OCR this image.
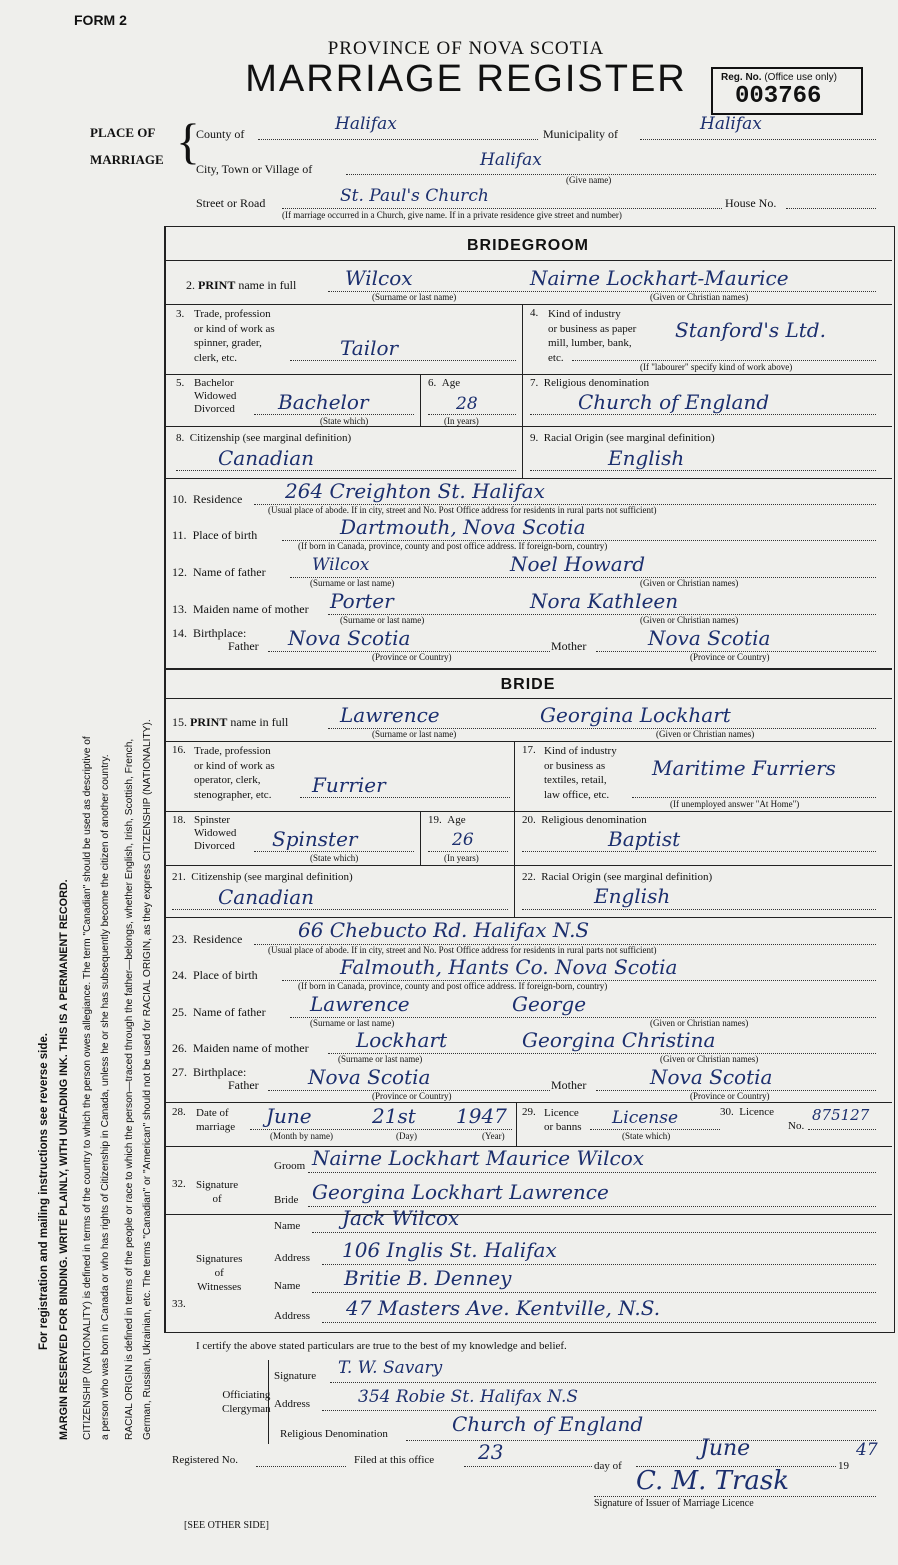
FORM 2
PROVINCE OF NOVA SCOTIA
MARRIAGE REGISTER	Reg. No. (Office use only)
003766
PLACE OF
MARRIAGE {
County of	Halifax	Municipality of	Halifax
City, Town or Village of	Halifax
(Give name)
Street or Road	St. Paul's Church	House No.
(If marriage occurred in a Church, give name. If in a private residence give street and number)
For registration and mailing instructions see reverse side. MARGIN RESERVED FOR BINDING. WRITE PLAINLY, WITH UNFADING INK. THIS IS A PERMANENT RECORD. CITIZENSHIP (NATIONALITY) is defined in terms of the country to which the person owes allegiance. The term "Canadian" should be used as descriptive of a person who was born in Canada or who has rights of Citizenship in Canada, unless he or she has subsequently become the citizen of another country. RACIAL ORIGIN is defined in terms of the people or race to which the person—traced through the father—belongs, whether English, Irish, Scottish, French, German, Russian, Ukrainian, etc. The terms "Canadian" or "American" should not be used for RACIAL ORIGIN, as they express CITIZENSHIP (NATIONALITY).
BRIDEGROOM
2. PRINT name in full Wilcox	Nairne Lockhart-Maurice
(Surname or last name)	(Given or Christian names)
3. Trade, profession
or kind of work as
spinner, grader,
clerk, etc.	Tailor
4. Kind of industry
or business as paper
mill, lumber, bank,
etc.
Stanford's Ltd.
(If "labourer" specify kind of work above)
5. Bachelor
Widowed
Divorced Bachelor
(State which)
6. Age
28
(In years)
7. Religious denomination
Church of England
8. Citizenship (see marginal definition)
Canadian
9. Racial Origin (see marginal definition)
English
10. Residence 264 Creighton St. Halifax
(Usual place of abode. If in city, street and No. Post Office address for residents in rural parts not sufficient)
11. Place of birth	Dartmouth, Nova Scotia
(If born in Canada, province, county and post office address. If foreign-born, country)
12. Name of father	Wilcox	Noel Howard
(Surname or last name)	(Given or Christian names)
13. Maiden name of mother Porter	Nora Kathleen
(Surname or last name)	(Given or Christian names)
14. Birthplace:
Father Nova Scotia
(Province or Country)
Mother	Nova Scotia
(Province or Country)
BRIDE
15. PRINT name in full	Lawrence	Georgina Lockhart
(Surname or last name)	(Given or Christian names)
16. Trade, profession
or kind of work as
operator, clerk,
stenographer, etc. Furrier
17. Kind of industry
or business as
textiles, retail,
law office, etc.
Maritime Furriers
(If unemployed answer "At Home")
18. Spinster
Widowed
Divorced Spinster
(State which)
19. Age
26
(In years)
20. Religious denomination
Baptist
21. Citizenship (see marginal definition)
Canadian
22. Racial Origin (see marginal definition)
English
23. Residence	66 Chebucto Rd. Halifax N.S
(Usual place of abode. If in city, street and No. Post Office address for residents in rural parts not sufficient)
24. Place of birth	Falmouth, Hants Co. Nova Scotia
(If born in Canada, province, county and post office address. If foreign-born, country)
25. Name of father Lawrence	George
(Surname or last name)	(Given or Christian names)
26. Maiden name of mother Lockhart	Georgina Christina
(Surname or last name)	(Given or Christian names)
27. Birthplace:
Father Nova Scotia
(Province or Country)
Mother	Nova Scotia
(Province or Country)
28. Date of
marriage June	21st 1947
(Month by name)	(Day)	(Year)
29. Licence
or banns License
(State which)
30. Licence
No.
875127
32. Signature
of
Groom Nairne Lockhart Maurice Wilcox
Bride Georgina Lockhart Lawrence
33.
Signatures
of
Witnesses
Name Jack Wilcox
Address 106 Inglis St. Halifax
Name Britie B. Denney
Address 47 Masters Ave. Kentville, N.S.
I certify the above stated particulars are true to the best of my knowledge and belief.
Officiating
Clergyman
Signature T. W. Savary
Address	354 Robie St. Halifax N.S
Religious Denomination	Church of England
Registered No.	Filed at this office 23
day of
June
19
47
C. M. Trask
Signature of Issuer of Marriage Licence
[SEE OTHER SIDE]
